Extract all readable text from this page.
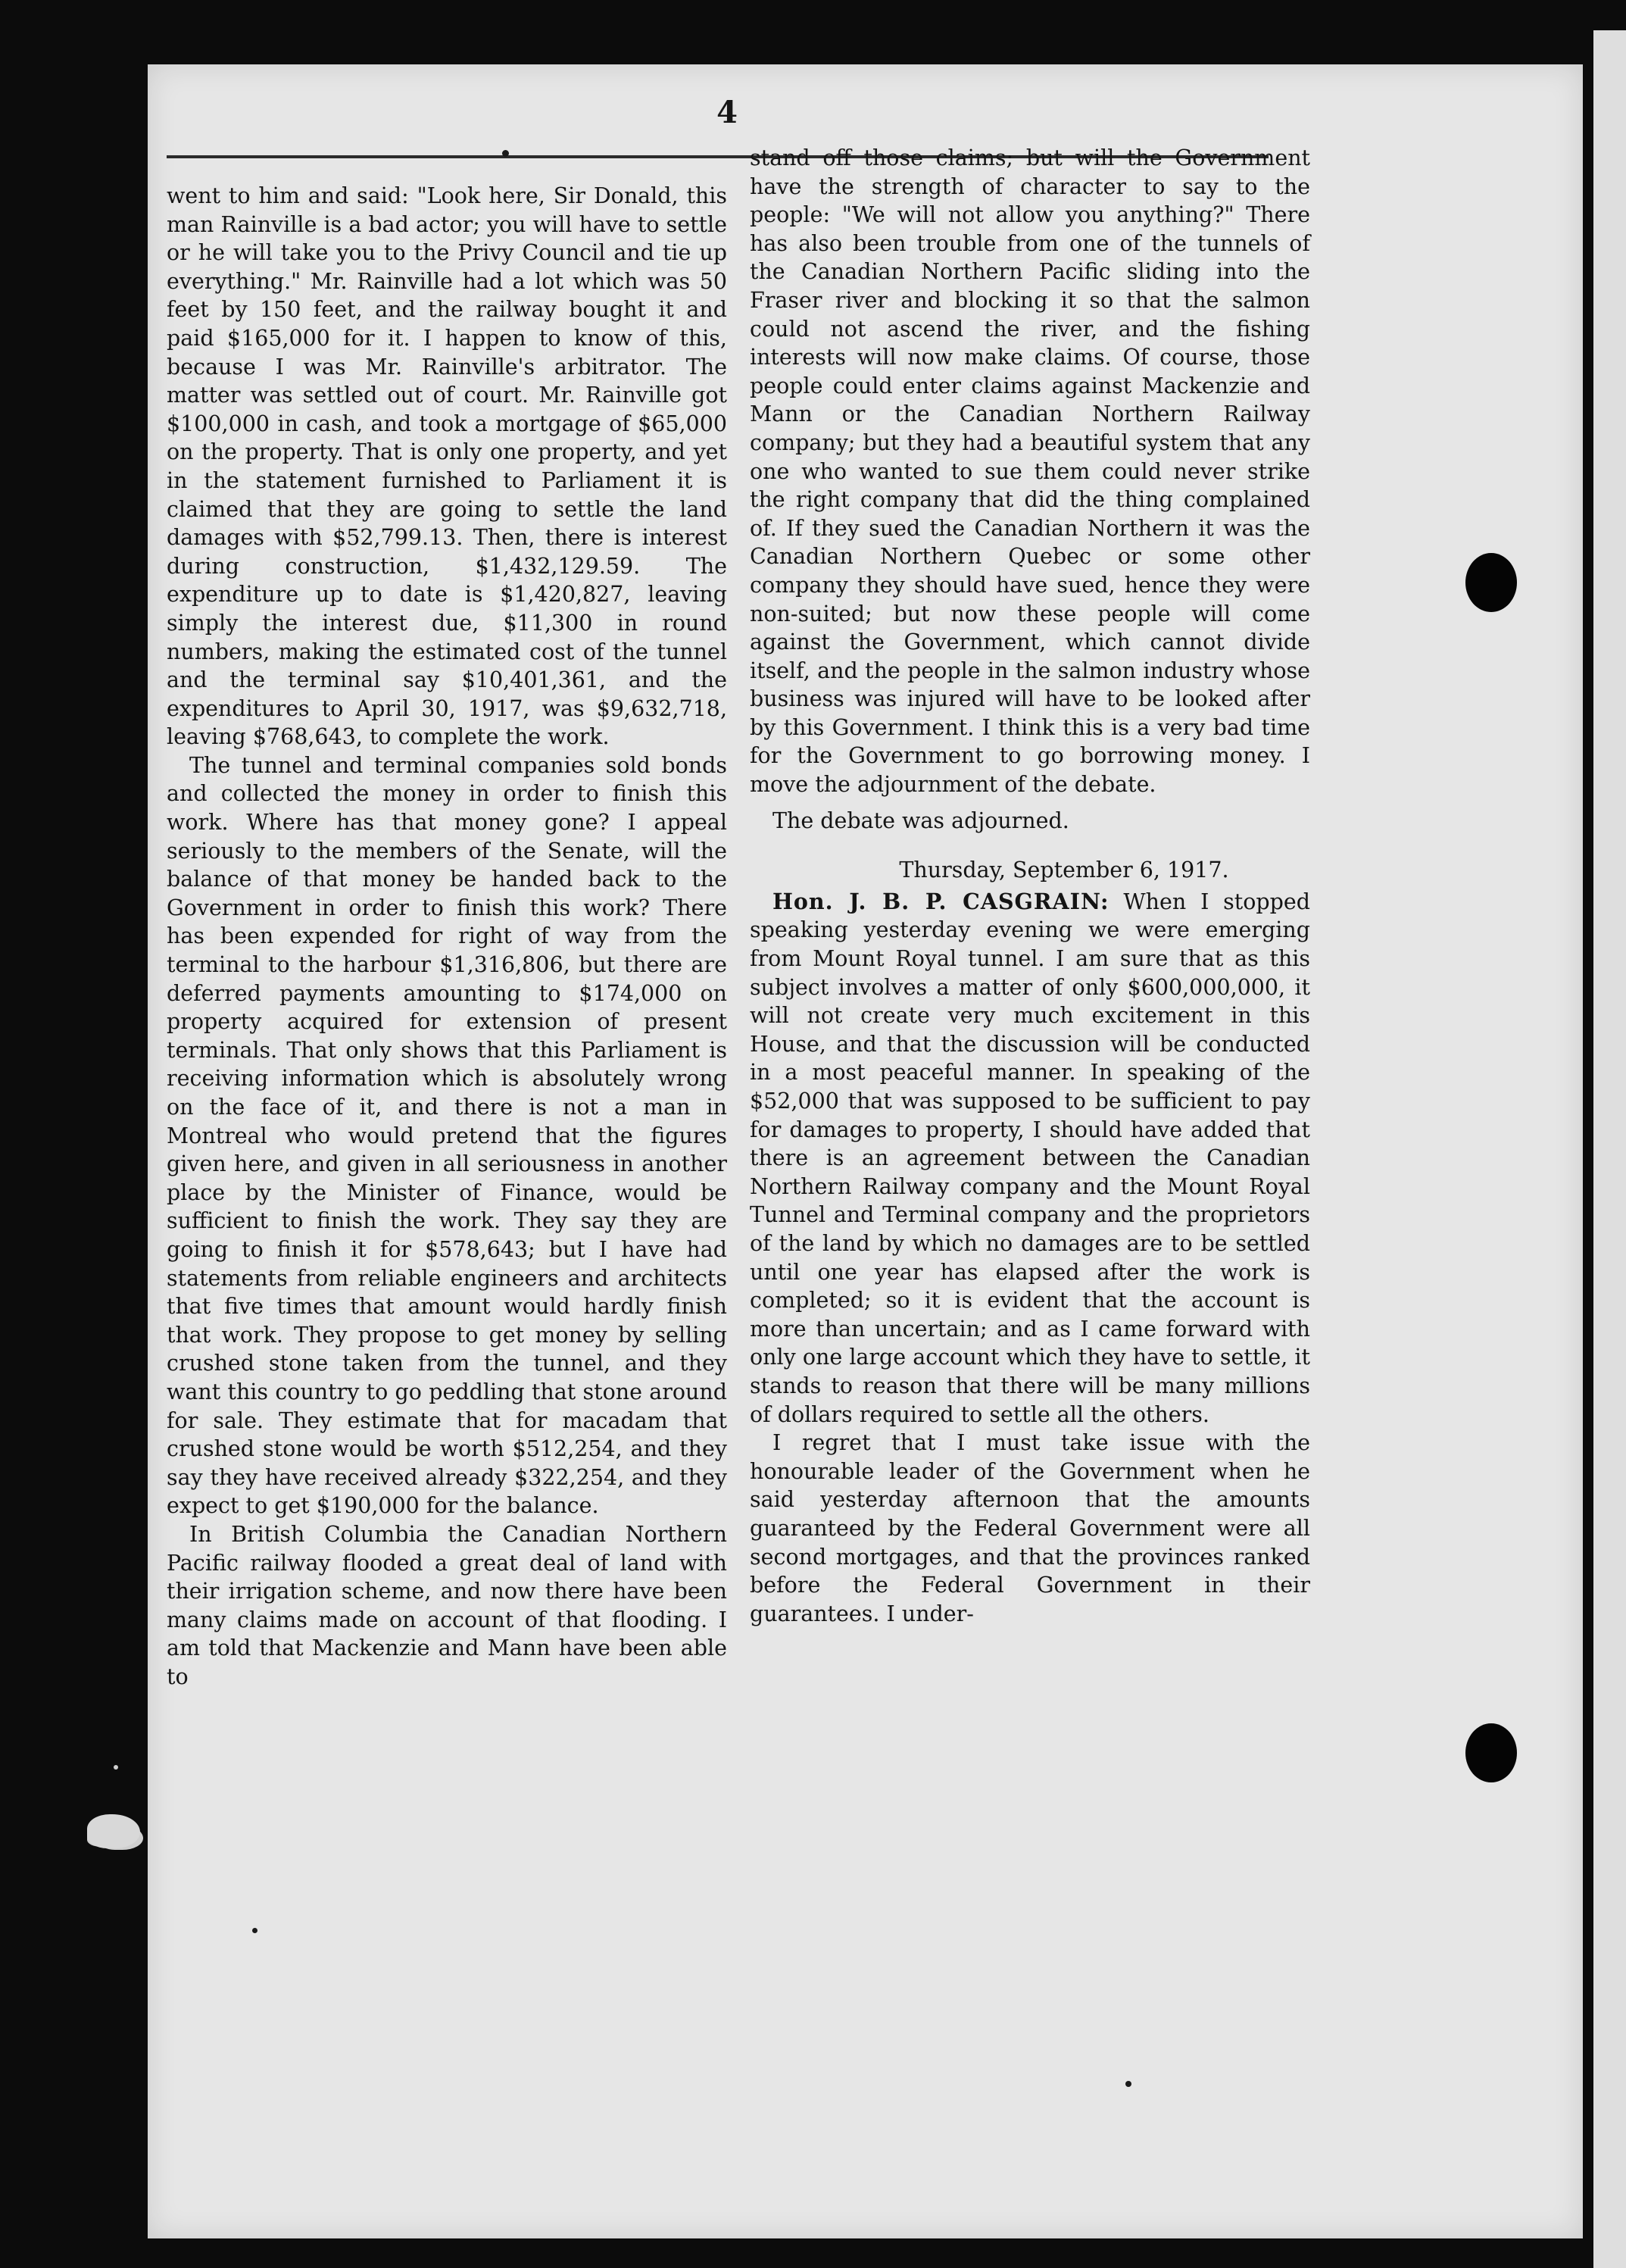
4

went to him and said: "Look here, Sir Donald, this man Rainville is a bad actor; you will have to settle or he will take you to the Privy Council and tie up everything." Mr. Rainville had a lot which was 50 feet by 150 feet, and the railway bought it and paid $165,000 for it. I happen to know of this, because I was Mr. Rainville's arbitrator. The matter was settled out of court. Mr. Rainville got $100,000 in cash, and took a mortgage of $65,000 on the property. That is only one property, and yet in the statement furnished to Parliament it is claimed that they are going to settle the land damages with $52,799.13. Then, there is interest during construction, $1,432,129.59. The expenditure up to date is $1,420,827, leaving simply the interest due, $11,300 in round numbers, making the estimated cost of the tunnel and the terminal say $10,401,361, and the expenditures to April 30, 1917, was $9,632,718, leaving $768,643, to complete the work.

The tunnel and terminal companies sold bonds and collected the money in order to finish this work. Where has that money gone? I appeal seriously to the members of the Senate, will the balance of that money be handed back to the Government in order to finish this work? There has been expended for right of way from the terminal to the harbour $1,316,806, but there are deferred payments amounting to $174,000 on property acquired for extension of present terminals. That only shows that this Parliament is receiving information which is absolutely wrong on the face of it, and there is not a man in Montreal who would pretend that the figures given here, and given in all seriousness in another place by the Minister of Finance, would be sufficient to finish the work. They say they are going to finish it for $578,643; but I have had statements from reliable engineers and architects that five times that amount would hardly finish that work. They propose to get money by selling crushed stone taken from the tunnel, and they want this country to go peddling that stone around for sale. They estimate that for macadam that crushed stone would be worth $512,254, and they say they have received already $322,254, and they expect to get $190,000 for the balance.

In British Columbia the Canadian Northern Pacific railway flooded a great deal of land with their irrigation scheme, and now there have been many claims made on account of that flooding. I am told that Mackenzie and Mann have been able to

stand off those claims; but will the Government have the strength of character to say to the people: "We will not allow you anything?" There has also been trouble from one of the tunnels of the Canadian Northern Pacific sliding into the Fraser river and blocking it so that the salmon could not ascend the river, and the fishing interests will now make claims. Of course, those people could enter claims against Mackenzie and Mann or the Canadian Northern Railway company; but they had a beautiful system that any one who wanted to sue them could never strike the right company that did the thing complained of. If they sued the Canadian Northern it was the Canadian Northern Quebec or some other company they should have sued, hence they were non-suited; but now these people will come against the Government, which cannot divide itself, and the people in the salmon industry whose business was injured will have to be looked after by this Government. I think this is a very bad time for the Government to go borrowing money. I move the adjournment of the debate.

The debate was adjourned.

Thursday, September 6, 1917.

Hon. J. B. P. CASGRAIN: When I stopped speaking yesterday evening we were emerging from Mount Royal tunnel. I am sure that as this subject involves a matter of only $600,000,000, it will not create very much excitement in this House, and that the discussion will be conducted in a most peaceful manner. In speaking of the $52,000 that was supposed to be sufficient to pay for damages to property, I should have added that there is an agreement between the Canadian Northern Railway company and the Mount Royal Tunnel and Terminal company and the proprietors of the land by which no damages are to be settled until one year has elapsed after the work is completed; so it is evident that the account is more than uncertain; and as I came forward with only one large account which they have to settle, it stands to reason that there will be many millions of dollars required to settle all the others.

I regret that I must take issue with the honourable leader of the Government when he said yesterday afternoon that the amounts guaranteed by the Federal Government were all second mortgages, and that the provinces ranked before the Federal Government in their guarantees. I under-
